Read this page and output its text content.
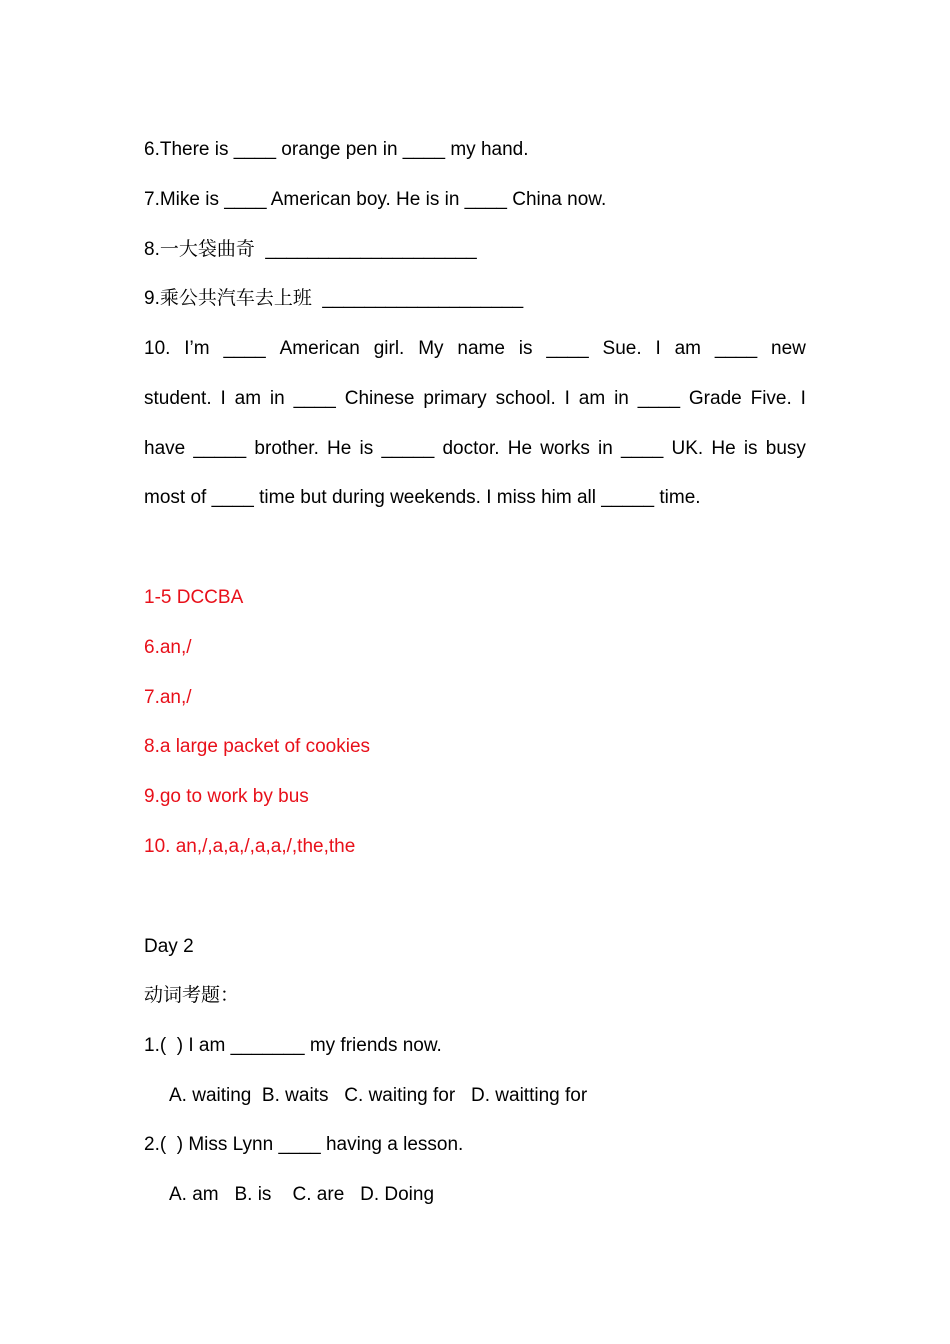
6.There is ____ orange pen in ____ my hand.
7.Mike is ____ American boy. He is in ____ China now.
8.一大袋曲奇  ____________________
9.乘公共汽车去上班  ___________________
10. I’m ____ American girl. My name is ____ Sue. I am ____ new
student. I am in ____ Chinese primary school. I am in ____ Grade Five. I
have _____ brother. He is _____ doctor. He works in ____ UK. He is busy
most of ____ time but during weekends. I miss him all _____ time.
1-5 DCCBA
6.an,/
7.an,/
8.a large packet of cookies
9.go to work by bus
10. an,/,a,a,/,a,a,/,the,the
Day 2
动词考题：
1.(  ) I am _______ my friends now.
A. waiting  B. waits   C. waiting for   D. waitting for
2.(  ) Miss Lynn ____ having a lesson.
A. am   B. is    C. are   D. Doing
